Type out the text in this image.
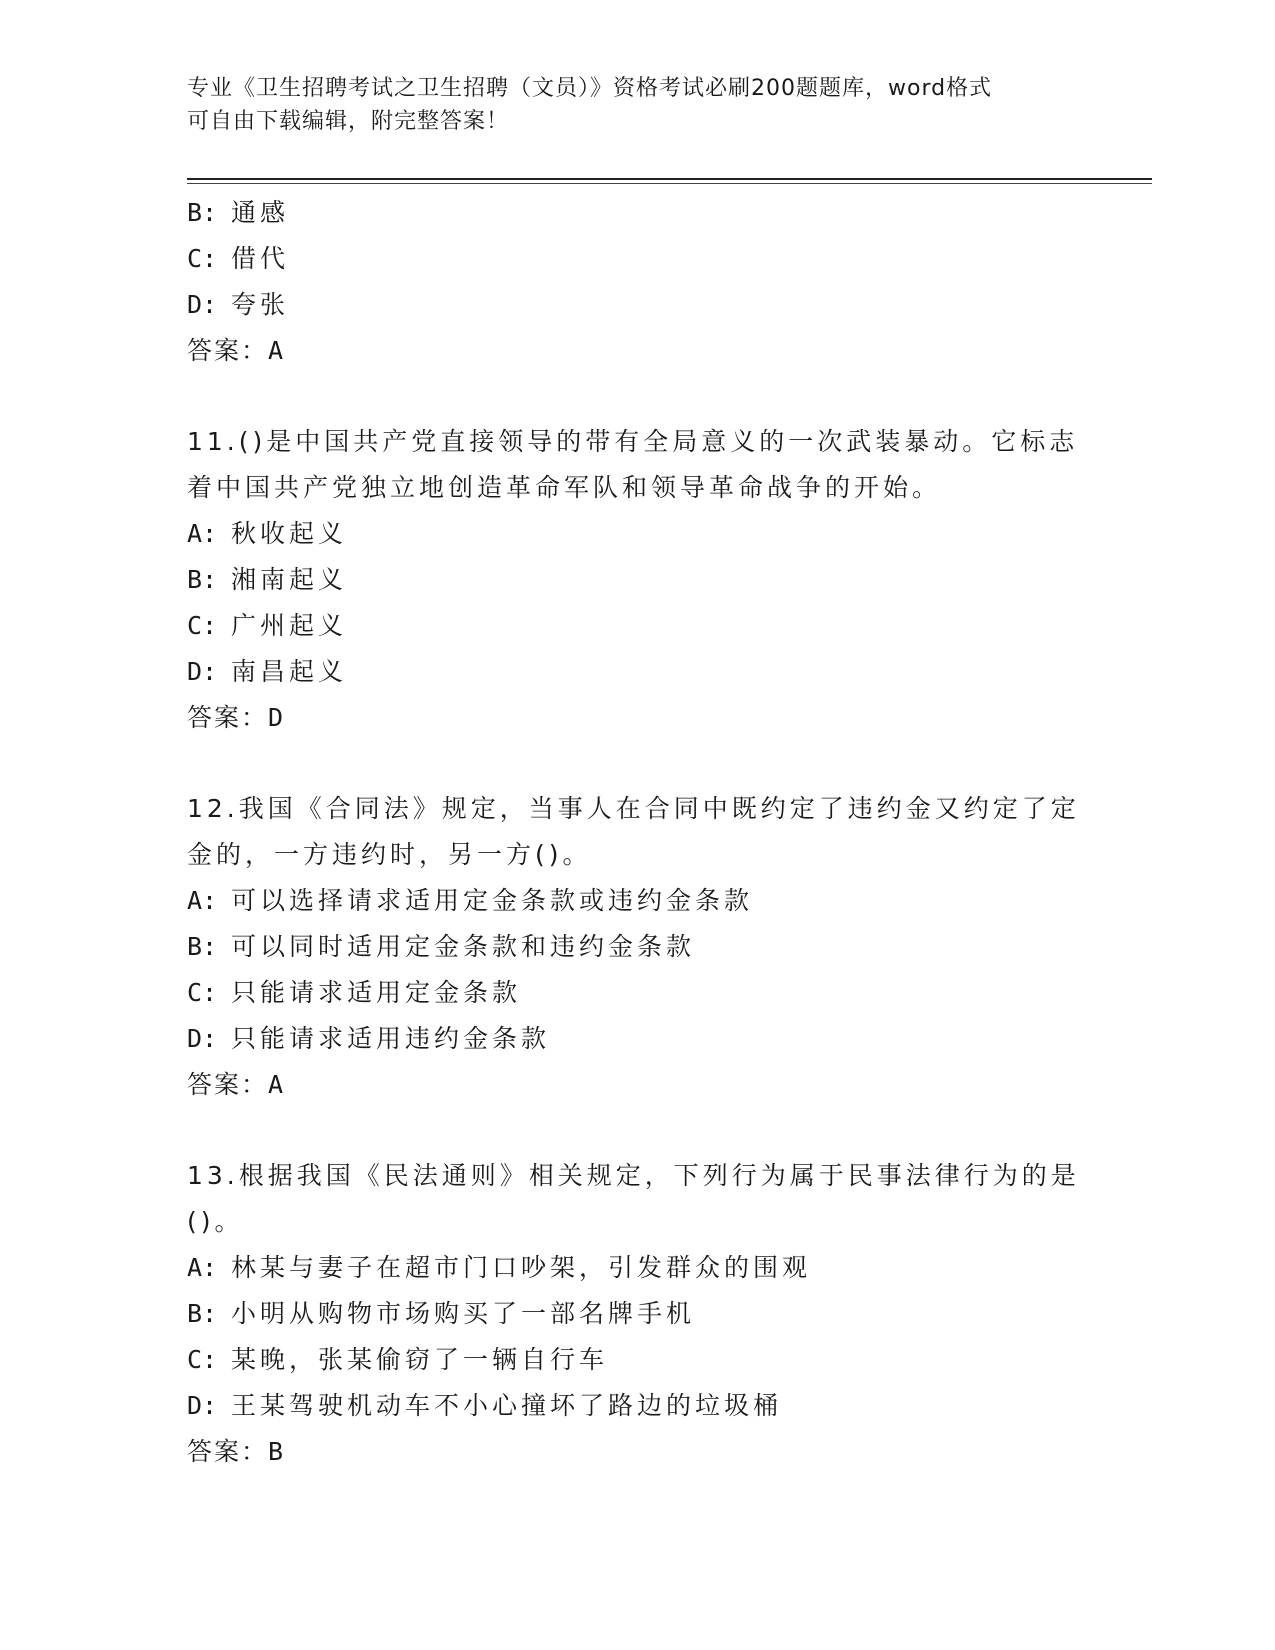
专业《卫生招聘考试之卫生招聘（文员）》资格考试必刷200题题库，word格式
可自由下载编辑，附完整答案！
B: 通感
C: 借代
D: 夸张
答案：A
11.()是中国共产党直接领导的带有全局意义的一次武装暴动。它标志
着中国共产党独立地创造革命军队和领导革命战争的开始。
A: 秋收起义
B: 湘南起义
C: 广州起义
D: 南昌起义
答案：D
12.我国《合同法》规定，当事人在合同中既约定了违约金又约定了定
金的，一方违约时，另一方()。
A: 可以选择请求适用定金条款或违约金条款
B: 可以同时适用定金条款和违约金条款
C: 只能请求适用定金条款
D: 只能请求适用违约金条款
答案：A
13.根据我国《民法通则》相关规定，下列行为属于民事法律行为的是
()。
A: 林某与妻子在超市门口吵架，引发群众的围观
B: 小明从购物市场购买了一部名牌手机
C: 某晚，张某偷窃了一辆自行车
D: 王某驾驶机动车不小心撞坏了路边的垃圾桶
答案：B
